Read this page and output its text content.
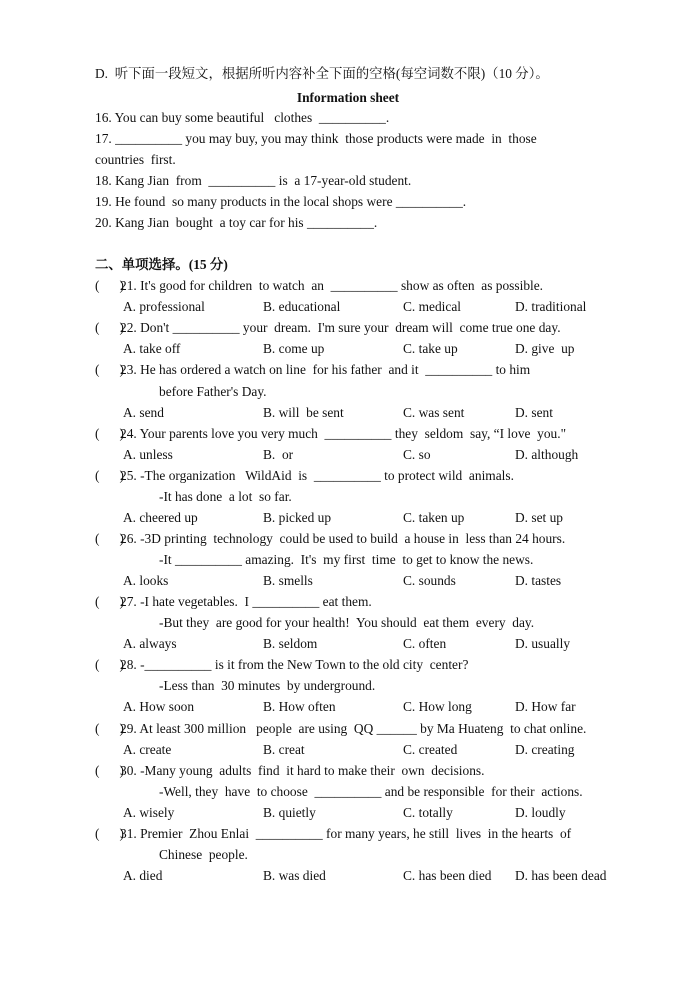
D.  听下面一段短文，根据所听内容补全下面的空格(每空词数不限)（10 分）。
Information sheet
16. You can buy some beautiful   clothes  __________.
17. __________ you may buy, you may think  those products were made  in  those
countries  first.
18. Kang Jian  from  __________ is  a 17-year-old student.
19. He found  so many products in the local shops were __________.
20. Kang Jian  bought  a toy car for his __________.
二、单项选择。(15 分)
(      )
21. It's good for children  to watch  an  __________ show as often  as possible.
A. professional	B. educational	C. medical	D. traditional
(      )
22. Don't __________ your  dream.  I'm sure your  dream will  come true one day.
A. take off	B. come up	C. take up	D. give  up
(      )
23. He has ordered a watch on line  for his father  and it  __________ to him
before Father's Day.
A. send	B. will  be sent	C. was sent	D. sent
(      )
24. Your parents love you very much  __________ they  seldom  say, “I love  you."
A. unless	B.  or	C. so	D. although
(      )
25. -The organization   WildAid  is  __________ to protect wild  animals.
-It has done  a lot  so far.
A. cheered up	B. picked up	C. taken up	D. set up
(      )
26. -3D printing  technology  could be used to build  a house in  less than 24 hours.
-It __________ amazing.  It's  my first  time  to get to know the news.
A. looks	B. smells	C. sounds	D. tastes
(      )
27. -I hate vegetables.  I __________ eat them.
-But they  are good for your health!  You should  eat them  every  day.
A. always	B. seldom	C. often	D. usually
(      )
28. -__________ is it from the New Town to the old city  center?
-Less than  30 minutes  by underground.
A. How soon	B. How often	C. How long	D. How far
(      )
29. At least 300 million   people  are using  QQ ______ by Ma Huateng  to chat online.
A. create	B. creat	C. created	D. creating
(      )
30. -Many young  adults  find  it hard to make their  own  decisions.
-Well, they  have  to choose  __________ and be responsible  for their  actions.
A. wisely	B. quietly	C. totally	D. loudly
(      )
31. Premier  Zhou Enlai  __________ for many years, he still  lives  in the hearts  of
Chinese  people.
A. died	B. was died	C. has been died D. has been dead
